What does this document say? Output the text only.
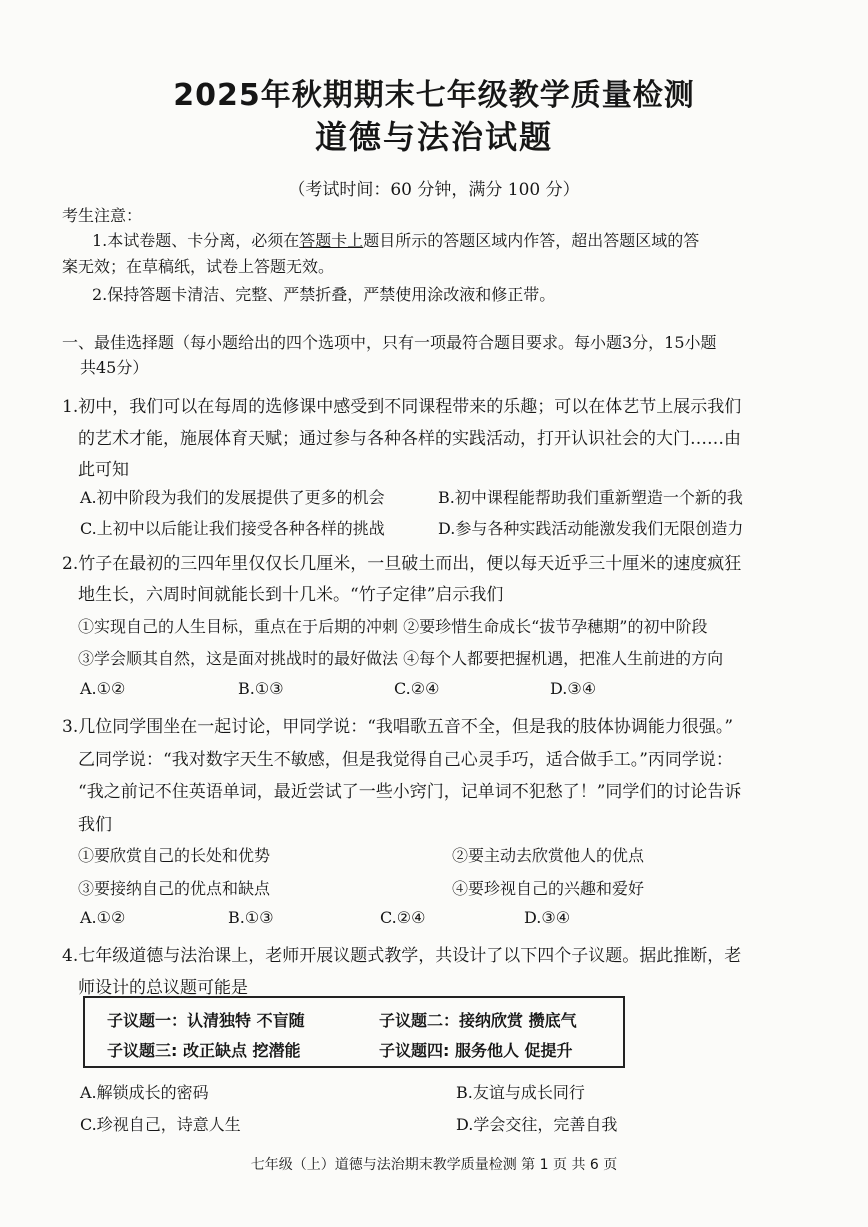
2025年秋期期末七年级教学质量检测
道德与法治试题
（考试时间：60 分钟，满分 100 分）
考生注意：
1.本试卷题、卡分离，必须在答题卡上题目所示的答题区域内作答，超出答题区域的答
案无效；在草稿纸，试卷上答题无效。
2.保持答题卡清洁、完整、严禁折叠，严禁使用涂改液和修正带。
一、最佳选择题（每小题给出的四个选项中，只有一项最符合题目要求。每小题3分，15小题
共45分）
1.初中，我们可以在每周的选修课中感受到不同课程带来的乐趣；可以在体艺节上展示我们
的艺术才能，施展体育天赋；通过参与各种各样的实践活动，打开认识社会的大门……由
此可知
A.初中阶段为我们的发展提供了更多的机会	B.初中课程能帮助我们重新塑造一个新的我
C.上初中以后能让我们接受各种各样的挑战	D.参与各种实践活动能激发我们无限创造力
2.竹子在最初的三四年里仅仅长几厘米，一旦破土而出，便以每天近乎三十厘米的速度疯狂
地生长，六周时间就能长到十几米。“竹子定律”启示我们
①实现自己的人生目标，重点在于后期的冲刺 ②要珍惜生命成长“拔节孕穗期”的初中阶段
③学会顺其自然，这是面对挑战时的最好做法 ④每个人都要把握机遇，把准人生前进的方向
A.①②	B.①③	C.②④	D.③④
3.几位同学围坐在一起讨论，甲同学说：“我唱歌五音不全，但是我的肢体协调能力很强。”
乙同学说：“我对数字天生不敏感，但是我觉得自己心灵手巧，适合做手工。”丙同学说：
“我之前记不住英语单词，最近尝试了一些小窍门，记单词不犯愁了！”同学们的讨论告诉
我们
①要欣赏自己的长处和优势	②要主动去欣赏他人的优点
③要接纳自己的优点和缺点	④要珍视自己的兴趣和爱好
A.①②	B.①③	C.②④	D.③④
4.七年级道德与法治课上，老师开展议题式教学，共设计了以下四个子议题。据此推断，老
师设计的总议题可能是
子议题一：认清独特 不盲随	子议题二：接纳欣赏 攒底气
子议题三: 改正缺点 挖潜能	子议题四: 服务他人 促提升
A.解锁成长的密码	B.友谊与成长同行
C.珍视自己，诗意人生	D.学会交往，完善自我
七年级（上）道德与法治期末教学质量检测 第 1 页 共 6 页
